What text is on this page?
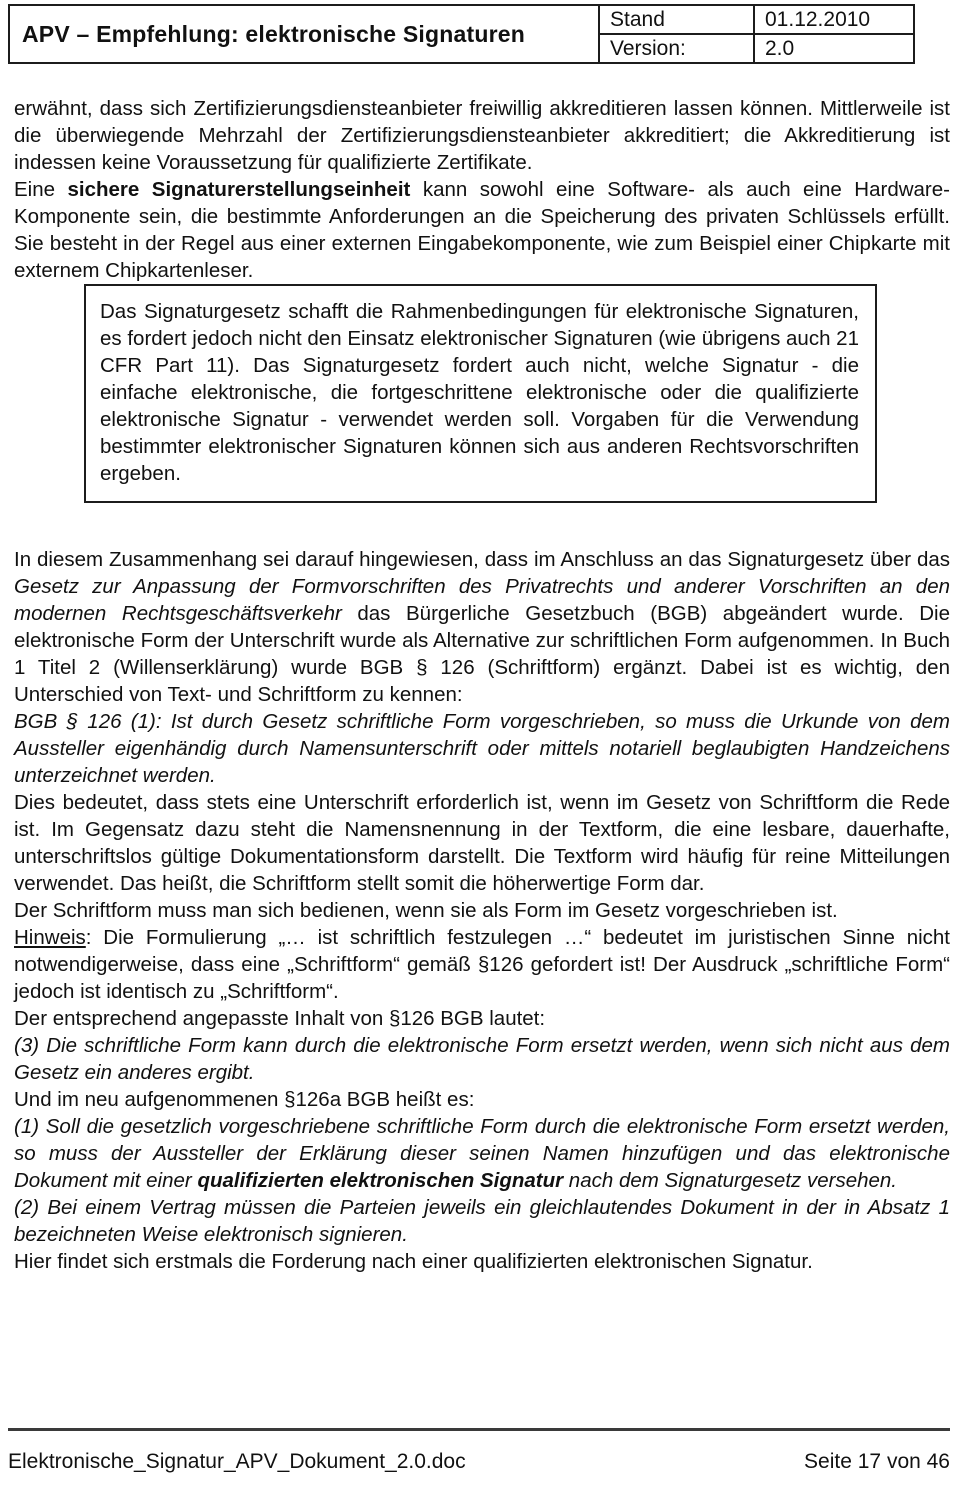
APV – Empfehlung: elektronische Signaturen
Stand	01.12.2010
Version:	2.0

erwähnt, dass sich Zertifizierungsdiensteanbieter freiwillig akkreditieren lassen können. Mittlerweile ist die überwiegende Mehrzahl der Zertifizierungsdiensteanbieter akkreditiert; die Akkreditierung ist indessen keine Voraussetzung für qualifizierte Zertifikate.

Eine sichere Signaturerstellungseinheit kann sowohl eine Software- als auch eine Hardware-Komponente sein, die bestimmte Anforderungen an die Speicherung des privaten Schlüssels erfüllt. Sie besteht in der Regel aus einer externen Eingabekomponente, wie zum Beispiel einer Chipkarte mit externem Chipkartenleser.

Das Signaturgesetz schafft die Rahmenbedingungen für elektronische Signaturen, es fordert jedoch nicht den Einsatz elektronischer Signaturen (wie übrigens auch 21 CFR Part 11). Das Signaturgesetz fordert auch nicht, welche Signatur - die einfache elektronische, die fortgeschrittene elektronische oder die qualifizierte elektronische Signatur - verwendet werden soll. Vorgaben für die Verwendung bestimmter elektronischer Signaturen können sich aus anderen Rechtsvorschriften ergeben.

In diesem Zusammenhang sei darauf hingewiesen, dass im Anschluss an das Signaturgesetz über das Gesetz zur Anpassung der Formvorschriften des Privatrechts und anderer Vorschriften an den modernen Rechtsgeschäftsverkehr das Bürgerliche Gesetzbuch (BGB) abgeändert wurde. Die elektronische Form der Unterschrift wurde als Alternative zur schriftlichen Form aufgenommen. In Buch 1 Titel 2 (Willenserklärung) wurde BGB § 126 (Schriftform) ergänzt. Dabei ist es wichtig, den Unterschied von Text- und Schriftform zu kennen:

BGB § 126 (1): Ist durch Gesetz schriftliche Form vorgeschrieben, so muss die Urkunde von dem Aussteller eigenhändig durch Namensunterschrift oder mittels notariell beglaubigten Handzeichens unterzeichnet werden.

Dies bedeutet, dass stets eine Unterschrift erforderlich ist, wenn im Gesetz von Schriftform die Rede ist. Im Gegensatz dazu steht die Namensnennung in der Textform, die eine lesbare, dauerhafte, unterschriftslos gültige Dokumentationsform darstellt. Die Textform wird häufig für reine Mitteilungen verwendet. Das heißt, die Schriftform stellt somit die höherwertige Form dar.

Der Schriftform muss man sich bedienen, wenn sie als Form im Gesetz vorgeschrieben ist.

Hinweis: Die Formulierung „… ist schriftlich festzulegen …“ bedeutet im juristischen Sinne nicht notwendigerweise, dass eine „Schriftform“ gemäß §126 gefordert ist! Der Ausdruck „schriftliche Form“ jedoch ist identisch zu „Schriftform“.

Der entsprechend angepasste Inhalt von §126 BGB lautet:

(3) Die schriftliche Form kann durch die elektronische Form ersetzt werden, wenn sich nicht aus dem Gesetz ein anderes ergibt.

Und im neu aufgenommenen §126a BGB heißt es:

(1) Soll die gesetzlich vorgeschriebene schriftliche Form durch die elektronische Form ersetzt werden, so muss der Aussteller der Erklärung dieser seinen Namen hinzufügen und das elektronische Dokument mit einer qualifizierten elektronischen Signatur nach dem Signaturgesetz versehen.

(2) Bei einem Vertrag müssen die Parteien jeweils ein gleichlautendes Dokument in der in Absatz 1 bezeichneten Weise elektronisch signieren.

Hier findet sich erstmals die Forderung nach einer qualifizierten elektronischen Signatur.

Elektronische_Signatur_APV_Dokument_2.0.doc	Seite 17 von 46
